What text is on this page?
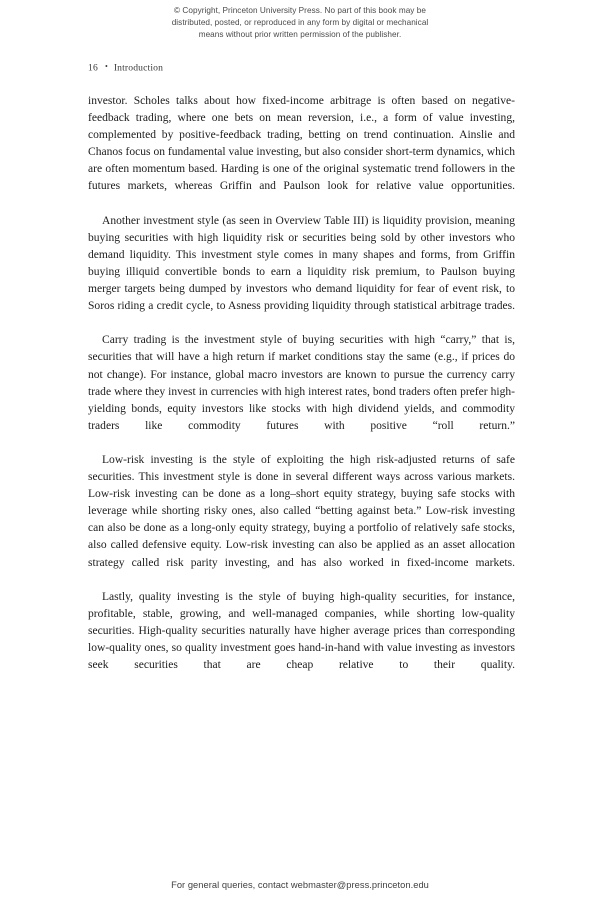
© Copyright, Princeton University Press. No part of this book may be
distributed, posted, or reproduced in any form by digital or mechanical
means without prior written permission of the publisher.
16 • Introduction

investor. Scholes talks about how fixed-income arbitrage is often based on negative-feedback trading, where one bets on mean reversion, i.e., a form of value investing, complemented by positive-feedback trading, betting on trend continuation. Ainslie and Chanos focus on fundamental value investing, but also consider short-term dynamics, which are often momentum based. Harding is one of the original systematic trend followers in the futures markets, whereas Griffin and Paulson look for relative value opportunities.

Another investment style (as seen in Overview Table III) is liquidity provision, meaning buying securities with high liquidity risk or securities being sold by other investors who demand liquidity. This investment style comes in many shapes and forms, from Griffin buying illiquid convertible bonds to earn a liquidity risk premium, to Paulson buying merger targets being dumped by investors who demand liquidity for fear of event risk, to Soros riding a credit cycle, to Asness providing liquidity through statistical arbitrage trades.

Carry trading is the investment style of buying securities with high “carry,” that is, securities that will have a high return if market conditions stay the same (e.g., if prices do not change). For instance, global macro investors are known to pursue the currency carry trade where they invest in currencies with high interest rates, bond traders often prefer high-yielding bonds, equity investors like stocks with high dividend yields, and commodity traders like commodity futures with positive “roll return.”

Low-risk investing is the style of exploiting the high risk-adjusted returns of safe securities. This investment style is done in several different ways across various markets. Low-risk investing can be done as a long–short equity strategy, buying safe stocks with leverage while shorting risky ones, also called “betting against beta.” Low-risk investing can also be done as a long-only equity strategy, buying a portfolio of relatively safe stocks, also called defensive equity. Low-risk investing can also be applied as an asset allocation strategy called risk parity investing, and has also worked in fixed-income markets.

Lastly, quality investing is the style of buying high-quality securities, for instance, profitable, stable, growing, and well-managed companies, while shorting low-quality securities. High-quality securities naturally have higher average prices than corresponding low-quality ones, so quality investment goes hand-in-hand with value investing as investors seek securities that are cheap relative to their quality.

For general queries, contact webmaster@press.princeton.edu
